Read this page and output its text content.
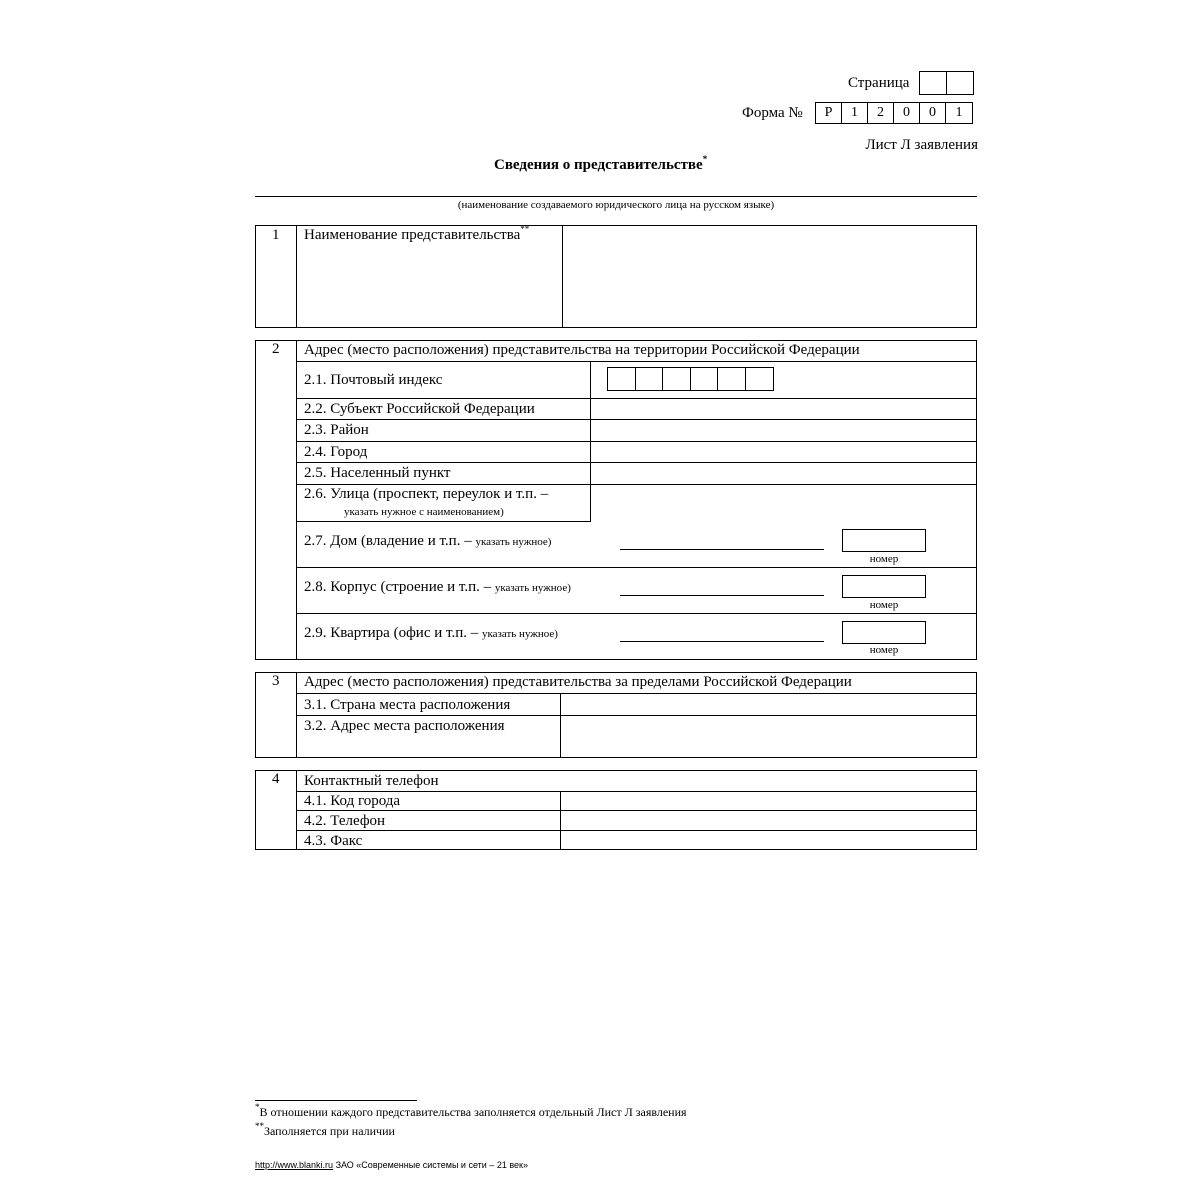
Страница
Форма №	Р	1	2	0	0	1
Лист Л заявления
Сведения о представительстве*
(наименование создаваемого юридического лица на русском языке)
1 Наименование представительства**
2 Адрес (место расположения) представительства на территории Российской Федерации
2.1. Почтовый индекс
2.2. Субъект Российской Федерации
2.3. Район
2.4. Город
2.5. Населенный пункт
2.6. Улица (проспект, переулок и т.п. –
указать нужное с наименованием)
2.7. Дом (владение и т.п. – указать нужное)
номер
2.8. Корпус (строение и т.п. – указать нужное)
номер
2.9. Квартира (офис и т.п. – указать нужное)
номер
3 Адрес (место расположения) представительства за пределами Российской Федерации
3.1. Страна места расположения
3.2. Адрес места расположения
4 Контактный телефон
4.1. Код города
4.2. Телефон
4.3. Факс
*В отношении каждого представительства заполняется отдельный Лист Л заявления
**Заполняется при наличии
http://www.blanki.ru ЗАО «Современные системы и сети – 21 век»
